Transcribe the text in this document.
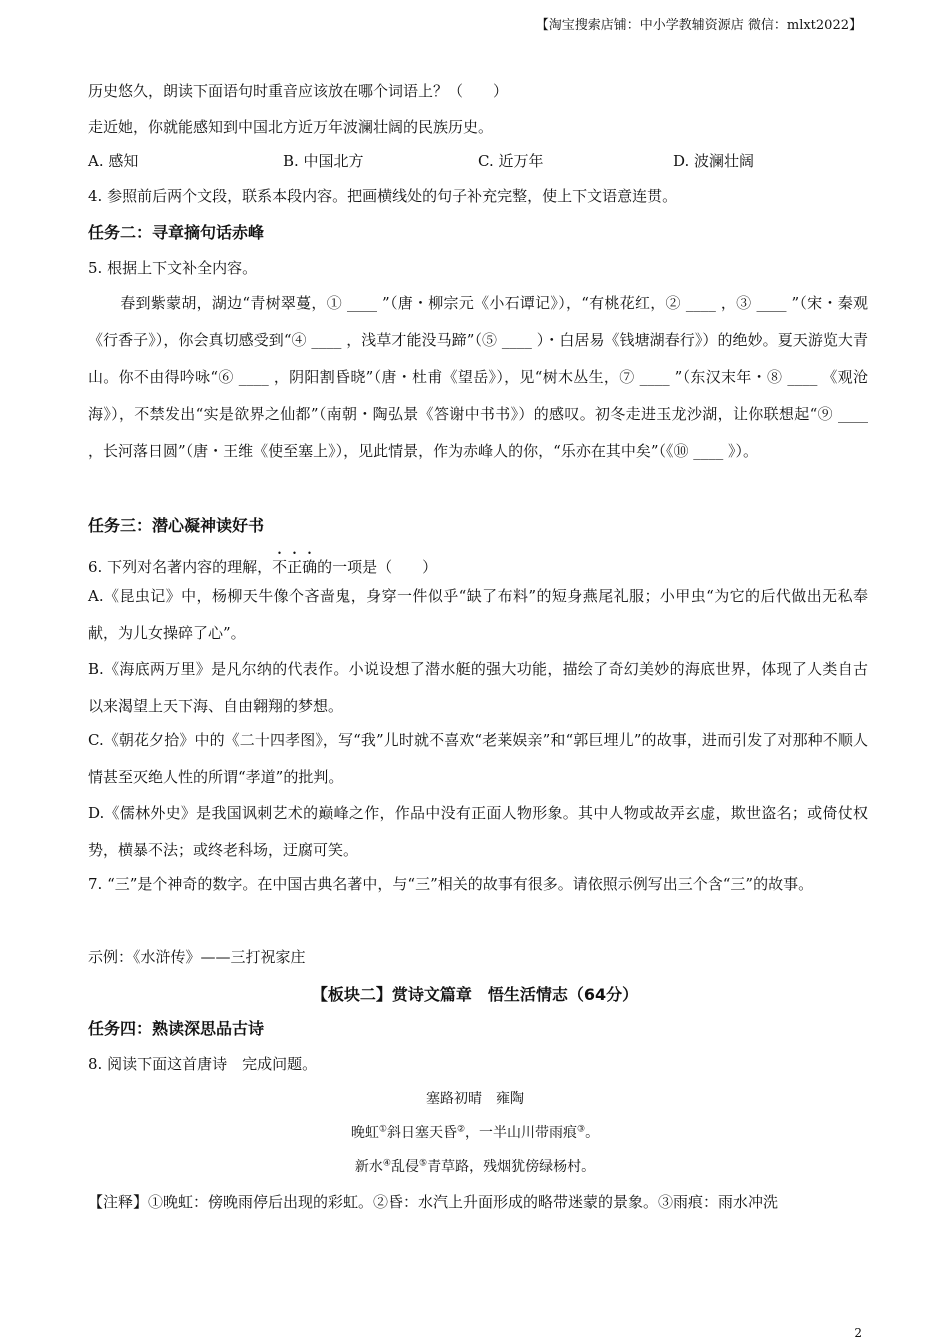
【淘宝搜索店铺：中小学教辅资源店 微信：mlxt2022】
历史悠久，朗读下面语句时重音应该放在哪个词语上？（　　）
走近她，你就能感知到中国北方近万年波澜壮阔的民族历史。
A. 感知	B. 中国北方	C. 近万年	D. 波澜壮阔
4. 参照前后两个文段，联系本段内容。把画横线处的句子补充完整，使上下文语意连贯。
任务二：寻章摘句话赤峰
5. 根据上下文补全内容。
春到紫蒙胡，湖边“青树翠蔓，① ____ ”（唐・柳宗元《小石谭记》），“有桃花红，② ____ ，③ ____ ”（宋・秦观《行香子》），你会真切感受到“④ ____ ，浅草才能没马蹄”（⑤ ____ ）・白居易《钱塘湖春行》）的绝妙。夏天游览大青山。你不由得吟咏“⑥ ____ ，阴阳割昏晓”（唐・杜甫《望岳》），见“树木丛生，⑦ ____ ”（东汉末年・⑧ ____ 《观沧海》），不禁发出“实是欲界之仙都”（南朝・陶弘景《答谢中书书》）的感叹。初冬走进玉龙沙湖，让你联想起“⑨ ____ ，长河落日圆”（唐・王维《使至塞上》），见此情景，作为赤峰人的你，“乐亦在其中矣”（《⑩ ____ 》）。
任务三：潜心凝神读好书
6. 下列对名著内容的理解，不正确的一项是（　　）
A.《昆虫记》中，杨柳天牛像个吝啬鬼，身穿一件似乎“缺了布料”的短身燕尾礼服；小甲虫“为它的后代做出无私奉献，为儿女操碎了心”。
B.《海底两万里》是凡尔纳的代表作。小说设想了潜水艇的强大功能，描绘了奇幻美妙的海底世界，体现了人类自古以来渴望上天下海、自由翱翔的梦想。
C.《朝花夕拾》中的《二十四孝图》，写“我”儿时就不喜欢“老莱娱亲”和“郭巨埋儿”的故事，进而引发了对那种不顺人情甚至灭绝人性的所谓“孝道”的批判。
D.《儒林外史》是我国讽刺艺术的巅峰之作，作品中没有正面人物形象。其中人物或故弄玄虚，欺世盗名；或倚仗权势，横暴不法；或终老科场，迂腐可笑。
7. “三”是个神奇的数字。在中国古典名著中，与“三”相关的故事有很多。请依照示例写出三个含“三”的故事。
示例：《水浒传》——三打祝家庄
【板块二】赏诗文篇章　悟生活情志（64分）
任务四：熟读深思品古诗
8. 阅读下面这首唐诗　完成问题。
塞路初晴　雍陶
晚虹①斜日塞天昏②，一半山川带雨痕③。
新水④乱侵⑤青草路，残烟犹傍绿杨村。
【注释】①晚虹：傍晚雨停后出现的彩虹。②昏：水汽上升面形成的略带迷蒙的景象。③雨痕：雨水冲洗
2
